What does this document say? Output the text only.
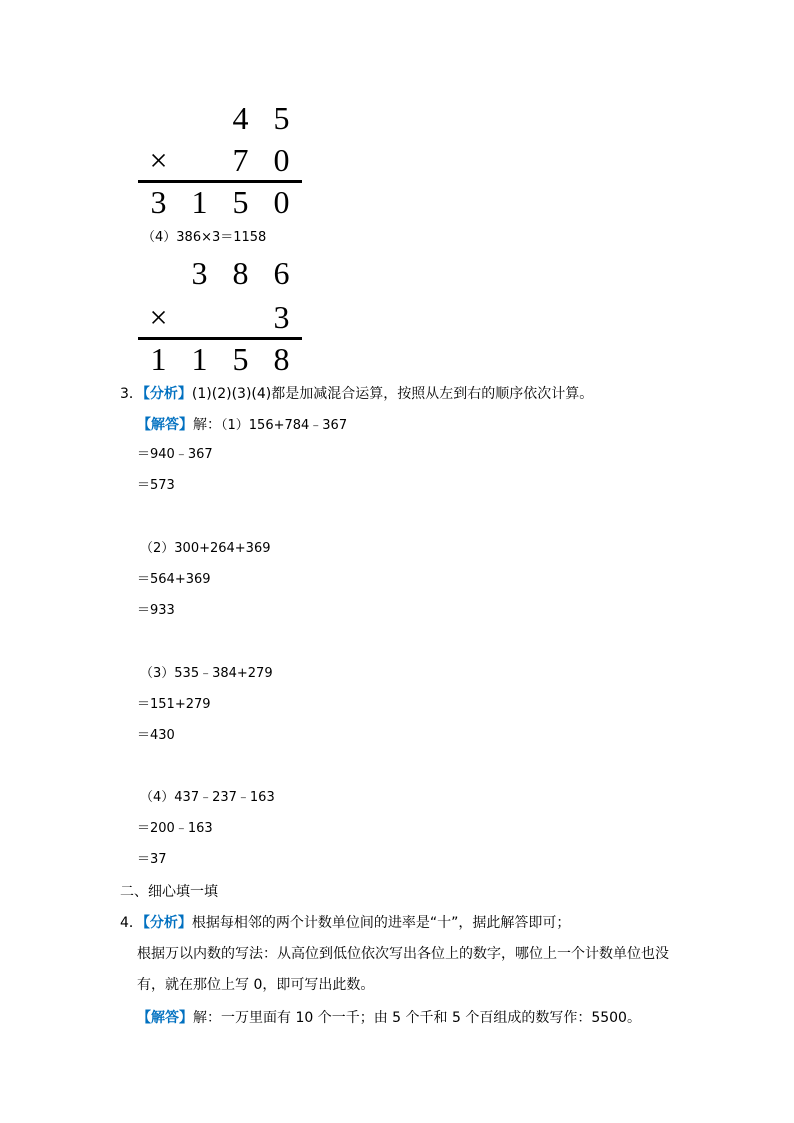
4 5
×	7 0
3 1 5 0
（4）386×3＝1158
3 8 6
×	3
1 1 5 8
3．【分析】(1)(2)(3)(4)都是加减混合运算，按照从左到右的顺序依次计算。
【解答】解：（1）156+784﹣367
＝940﹣367
＝573
（2）300+264+369
＝564+369
＝933
（3）535﹣384+279
＝151+279
＝430
（4）437﹣237﹣163
＝200﹣163
＝37
二、细心填一填
4．【分析】根据每相邻的两个计数单位间的进率是“十”，据此解答即可；
根据万以内数的写法：从高位到低位依次写出各位上的数字，哪位上一个计数单位也没
有，就在那位上写 0，即可写出此数。
【解答】解：一万里面有 10 个一千；由 5 个千和 5 个百组成的数写作：5500。
